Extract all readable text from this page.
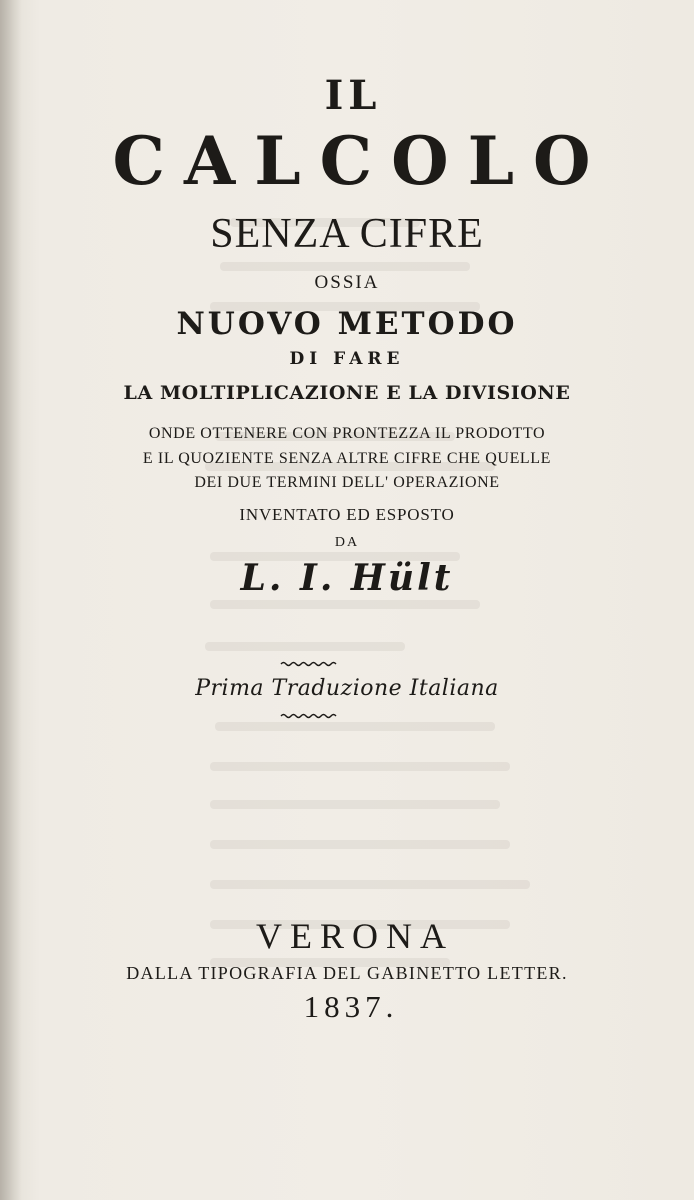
IL
CALCOLO
SENZA CIFRE
OSSIA
NUOVO METODO
DI FARE
LA MOLTIPLICAZIONE E LA DIVISIONE
ONDE OTTENERE CON PRONTEZZA IL PRODOTTO
E IL QUOZIENTE SENZA ALTRE CIFRE CHE QUELLE
DEI DUE TERMINI DELL' OPERAZIONE
INVENTATO ED ESPOSTO
DA
L. I. Hült
Prima Traduzione Italiana
VERONA
DALLA TIPOGRAFIA DEL GABINETTO LETTER.
1837.
